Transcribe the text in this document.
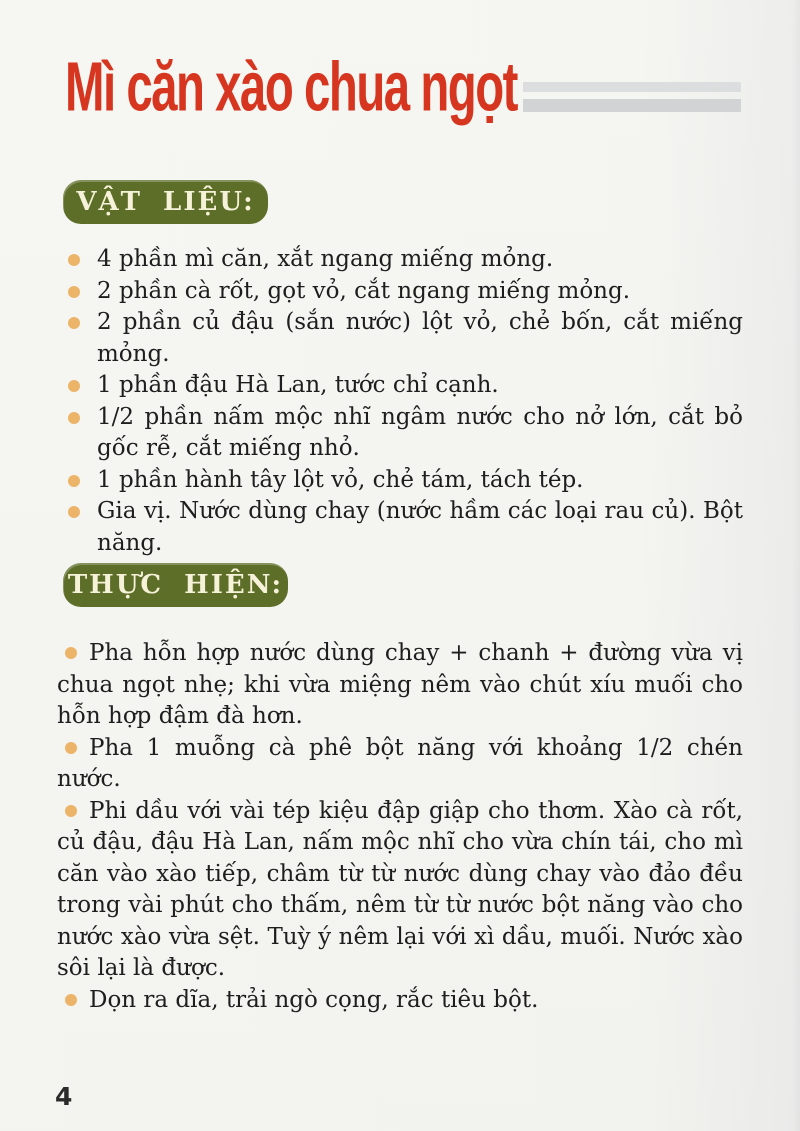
Mì căn xào chua ngọt
VẬT LIỆU:
4 phần mì căn, xắt ngang miếng mỏng.
2 phần cà rốt, gọt vỏ, cắt ngang miếng mỏng.
2 phần củ đậu (sắn nước) lột vỏ, chẻ bốn, cắt miếng mỏng.
1 phần đậu Hà Lan, tước chỉ cạnh.
1/2 phần nấm mộc nhĩ ngâm nước cho nở lớn, cắt bỏ gốc rễ, cắt miếng nhỏ.
1 phần hành tây lột vỏ, chẻ tám, tách tép.
Gia vị. Nước dùng chay (nước hầm các loại rau củ). Bột năng.
THỰC HIỆN:

Pha hỗn hợp nước dùng chay + chanh + đường vừa vị chua ngọt nhẹ; khi vừa miệng nêm vào chút xíu muối cho hỗn hợp đậm đà hơn.

Pha 1 muỗng cà phê bột năng với khoảng 1/2 chén nước.

Phi dầu với vài tép kiệu đập giập cho thơm. Xào cà rốt, củ đậu, đậu Hà Lan, nấm mộc nhĩ cho vừa chín tái, cho mì căn vào xào tiếp, châm từ từ nước dùng chay vào đảo đều trong vài phút cho thấm, nêm từ từ nước bột năng vào cho nước xào vừa sệt. Tuỳ ý nêm lại với xì dầu, muối. Nước xào sôi lại là được.

Dọn ra dĩa, trải ngò cọng, rắc tiêu bột.

4
